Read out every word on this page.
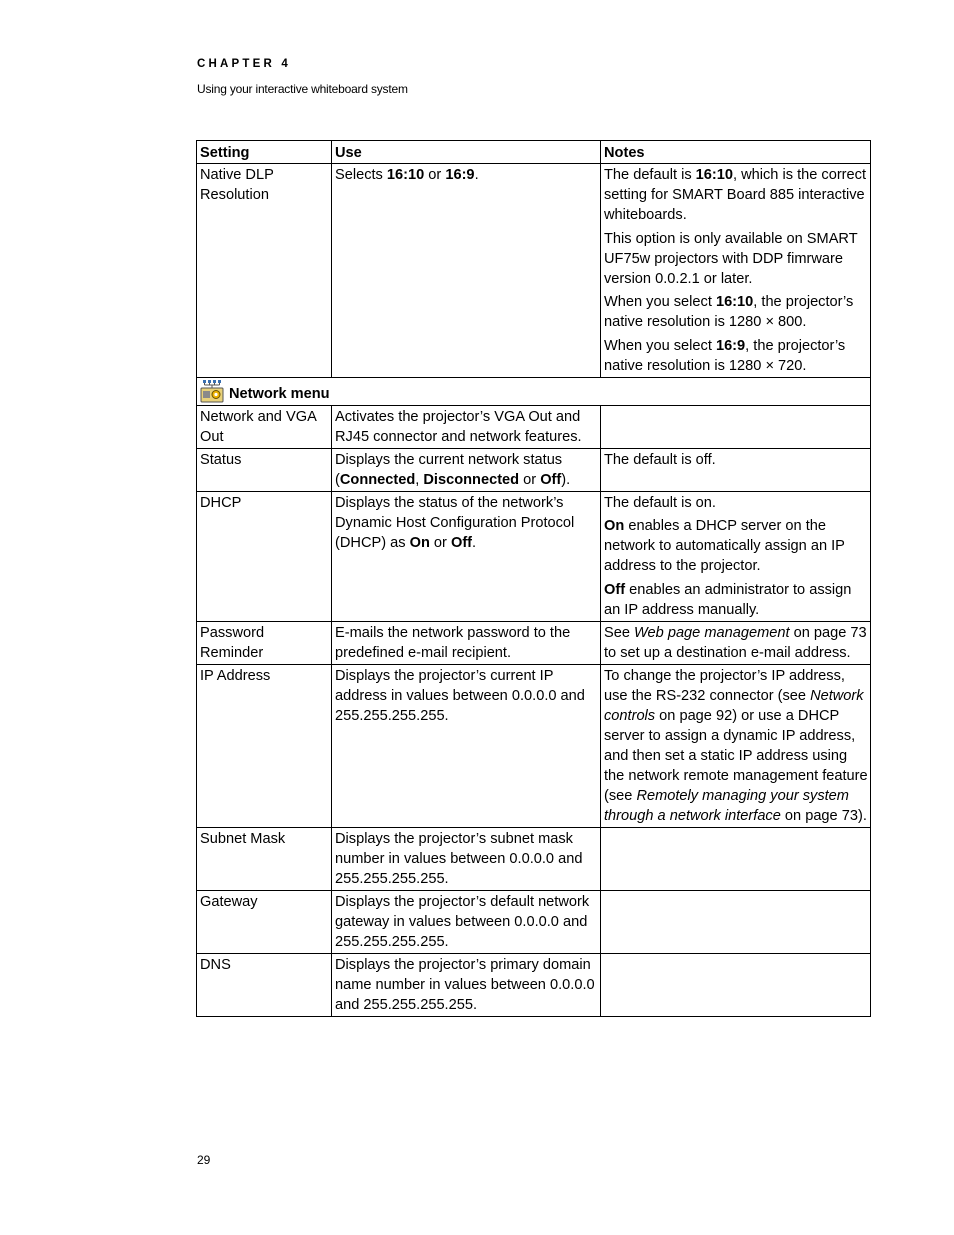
CHAPTER 4
Using your interactive whiteboard system
Setting	Use	Notes
Native DLP Resolution	Selects 16:10 or 16:9.	The default is 16:10, which is the correct setting for SMART Board 885 interactive whiteboards.

This option is only available on SMART UF75w projectors with DDP fimrware version 0.0.2.1 or later.

When you select 16:10, the projector’s native resolution is 1280 × 800.

When you select 16:9, the projector’s native resolution is 1280 × 720.

Network menu		
Network and VGA Out	Activates the projector’s VGA Out and RJ45 connector and network features.	
Status	Displays the current network status (Connected, Disconnected or Off).	The default is off.
DHCP	Displays the status of the network’s Dynamic Host Configuration Protocol (DHCP) as On or Off.	The default is on.

On enables a DHCP server on the network to automatically assign an IP address to the projector.

Off enables an administrator to assign an IP address manually.

Password Reminder	E-mails the network password to the predefined e-mail recipient.	See Web page management on page 73 to set up a destination e-mail address.
IP Address	Displays the projector’s current IP address in values between 0.0.0.0 and 255.255.255.255.	To change the projector’s IP address, use the RS-232 connector (see Network controls on page 92) or use a DHCP server to assign a dynamic IP address, and then set a static IP address using the network remote management feature (see Remotely managing your system through a network interface on page 73).
Subnet Mask	Displays the projector’s subnet mask number in values between 0.0.0.0 and 255.255.255.255.	
Gateway	Displays the projector’s default network gateway in values between 0.0.0.0 and 255.255.255.255.	
DNS	Displays the projector’s primary domain name number in values between 0.0.0.0 and 255.255.255.255.	
29
